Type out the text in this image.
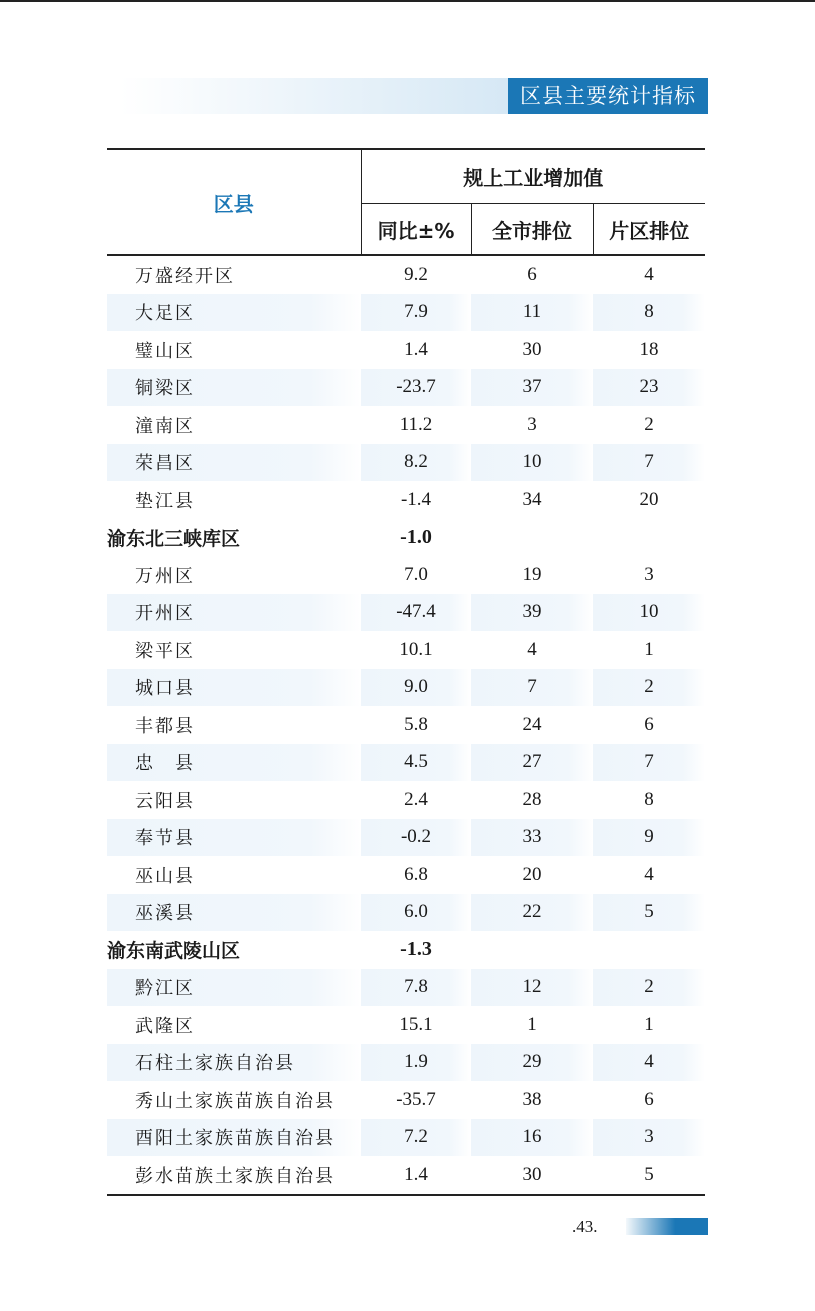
区县主要统计指标
区县	规上工业增加值		
	同比±%	全市排位	片区排位
万盛经开区	9.2	6	4
大足区	7.9	11	8
璧山区	1.4	30	18
铜梁区	-23.7	37	23
潼南区	11.2	3	2
荣昌区	8.2	10	7
垫江县	-1.4	34	20
渝东北三峡库区	-1.0		
万州区	7.0	19	3
开州区	-47.4	39	10
梁平区	10.1	4	1
城口县	9.0	7	2
丰都县	5.8	24	6
忠　县	4.5	27	7
云阳县	2.4	28	8
奉节县	-0.2	33	9
巫山县	6.8	20	4
巫溪县	6.0	22	5
渝东南武陵山区	-1.3		
黔江区	7.8	12	2
武隆区	15.1	1	1
石柱土家族自治县	1.9	29	4
秀山土家族苗族自治县	-35.7	38	6
酉阳土家族苗族自治县	7.2	16	3
彭水苗族土家族自治县	1.4	30	5
.43.
